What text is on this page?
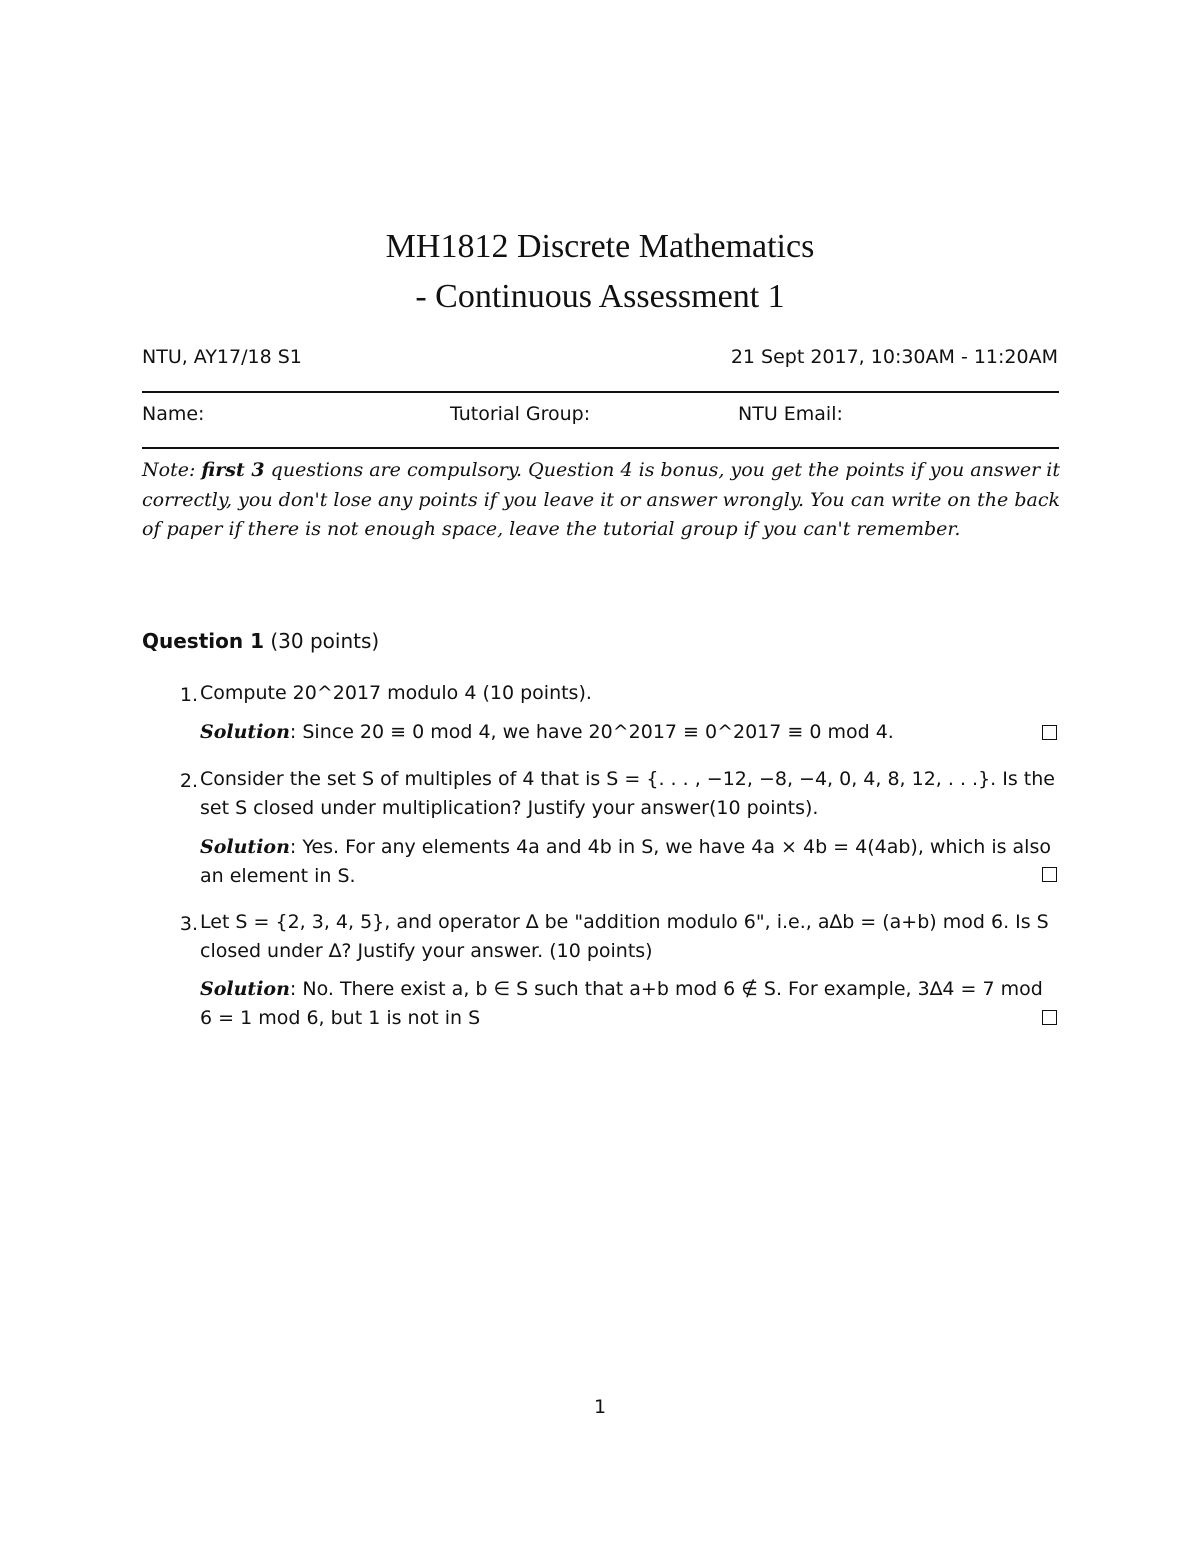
MH1812 Discrete Mathematics
- Continuous Assessment 1
NTU, AY17/18 S1	21 Sept 2017, 10:30AM - 11:20AM
Name:	Tutorial Group:	NTU Email:
Note: first 3 questions are compulsory. Question 4 is bonus, you get the points if you answer it correctly, you don't lose any points if you leave it or answer wrongly. You can write on the back of paper if there is not enough space, leave the tutorial group if you can't remember.
Question 1 (30 points)
1. Compute 20^2017 modulo 4 (10 points).
Solution: Since 20 ≡ 0 mod 4, we have 20^2017 ≡ 0^2017 ≡ 0 mod 4.
2. Consider the set S of multiples of 4 that is S = {. . . , −12, −8, −4, 0, 4, 8, 12, . . .}. Is the set S closed under multiplication? Justify your answer(10 points).
Solution: Yes. For any elements 4a and 4b in S, we have 4a × 4b = 4(4ab), which is also an element in S.
3. Let S = {2, 3, 4, 5}, and operator ∆ be "addition modulo 6", i.e., a∆b = (a+b) mod 6. Is S closed under ∆? Justify your answer. (10 points)
Solution: No. There exist a, b ∈ S such that a+b mod 6 ∉ S. For example, 3∆4 = 7 mod 6 = 1 mod 6, but 1 is not in S
1
